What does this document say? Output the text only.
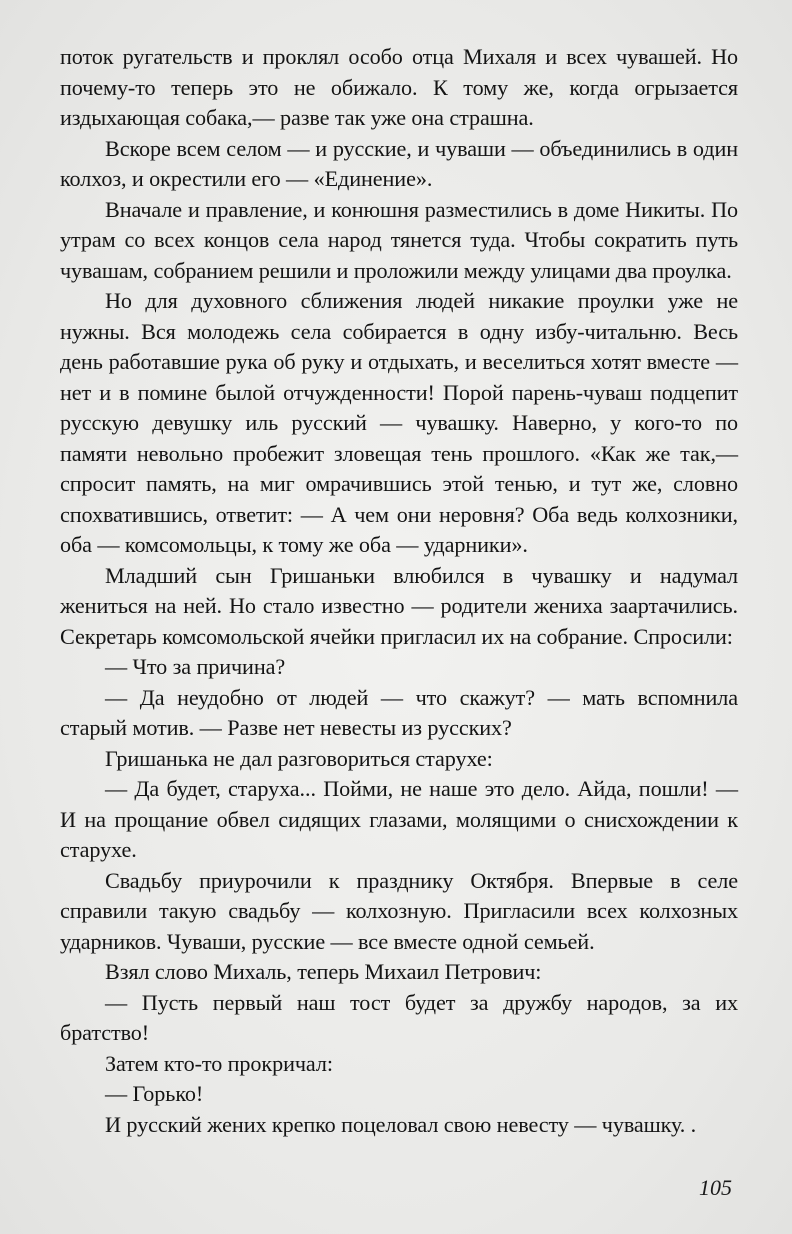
поток ругательств и проклял особо отца Михаля и всех чувашей. Но почему-то теперь это не обижало. К тому же, когда огрызается издыхающая собака,— разве так уже она страшна.

Вскоре всем селом — и русские, и чуваши — объединились в один колхоз, и окрестили его — «Единение».

Вначале и правление, и конюшня разместились в доме Никиты. По утрам со всех концов села народ тянется туда. Чтобы сократить путь чувашам, собранием решили и проложили между улицами два проулка.

Но для духовного сближения людей никакие проулки уже не нужны. Вся молодежь села собирается в одну избу-читальню. Весь день работавшие рука об руку и отдыхать, и веселиться хотят вместе — нет и в помине былой отчужденности! Порой парень-чуваш подцепит русскую девушку иль русский — чувашку. Наверно, у кого-то по памяти невольно пробежит зловещая тень прошлого. «Как же так,— спросит память, на миг омрачившись этой тенью, и тут же, словно спохватившись, ответит: — А чем они неровня? Оба ведь колхозники, оба — комсомольцы, к тому же оба — ударники».

Младший сын Гришаньки влюбился в чувашку и надумал жениться на ней. Но стало известно — родители жениха заартачились. Секретарь комсомольской ячейки пригласил их на собрание. Спросили:

— Что за причина?

— Да неудобно от людей — что скажут? — мать вспомнила старый мотив. — Разве нет невесты из русских?

Гришанька не дал разговориться старухе:

— Да будет, старуха... Пойми, не наше это дело. Айда, пошли! — И на прощание обвел сидящих глазами, молящими о снисхождении к старухе.

Свадьбу приурочили к празднику Октября. Впервые в селе справили такую свадьбу — колхозную. Пригласили всех колхозных ударников. Чуваши, русские — все вместе одной семьей.

Взял слово Михаль, теперь Михаил Петрович:

— Пусть первый наш тост будет за дружбу народов, за их братство!

Затем кто-то прокричал:

— Горько!

И русский жених крепко поцеловал свою невесту — чувашку. .

105
